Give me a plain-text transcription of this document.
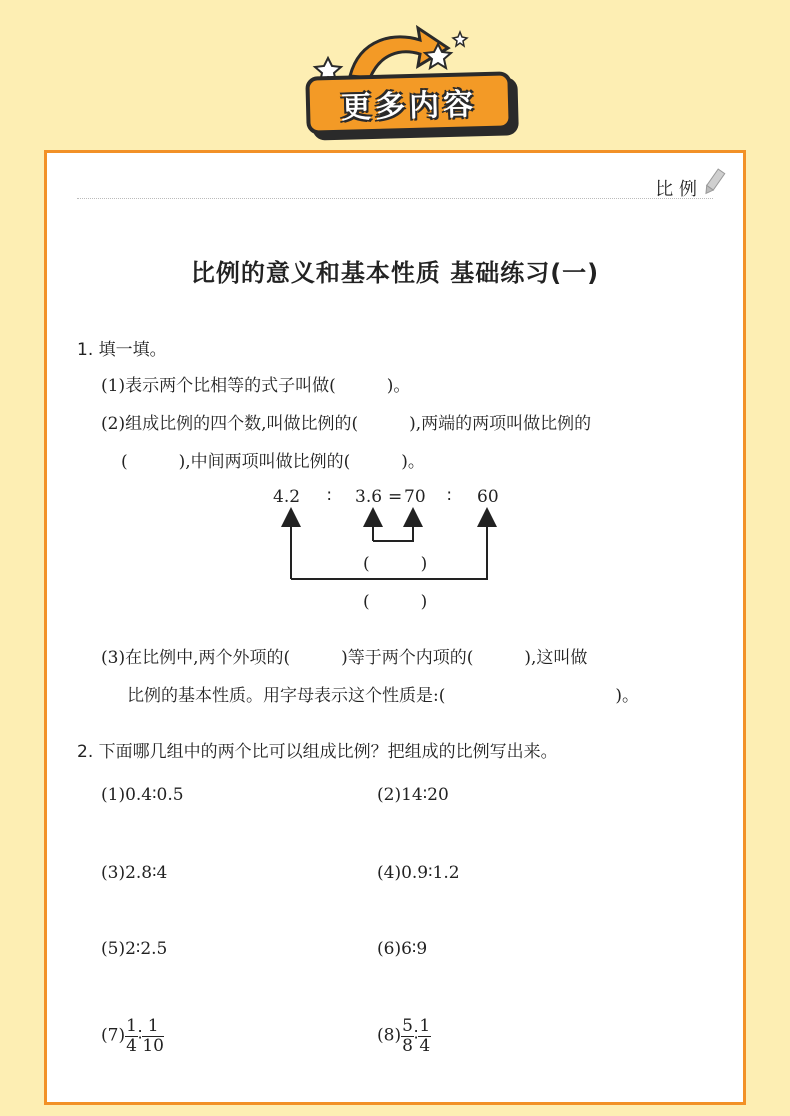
更多内容
比 例
比例的意义和基本性质 基础练习(一)
1. 填一填。
(1)表示两个比相等的式子叫做(　　　)。
(2)组成比例的四个数,叫做比例的(　　　),两端的两项叫做比例的
(　　　),中间两项叫做比例的(　　　)。
4.2 ∶ 3.6 = 70 ∶ 60
(　　　)
(　　　)
(3)在比例中,两个外项的(　　　)等于两个内项的(　　　),这叫做
比例的基本性质。用字母表示这个性质是:(　　　　　　　　　　)。
2. 下面哪几组中的两个比可以组成比例？把组成的比例写出来。
(1)0.4∶0.5	(2)14∶20
(3)2.8∶4	(4)0.9∶1.2
(5)2∶2.5	(6)6∶9
$(7) \frac{1}{4}$ ∶ $\frac{1}{10}$	$(8) \frac{5}{8}$ ∶ $\frac{1}{4}$
